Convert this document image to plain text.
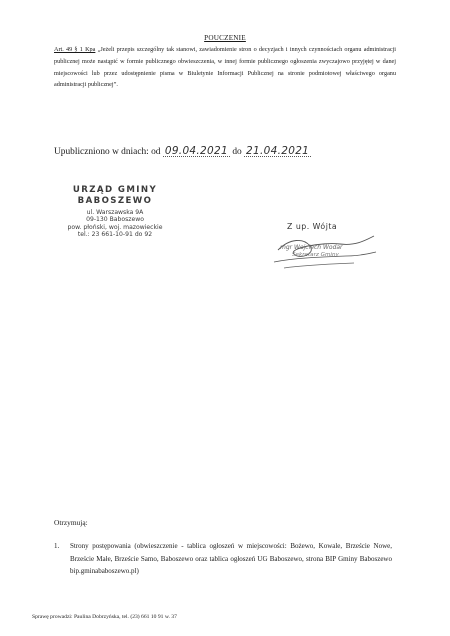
POUCZENIE
Art. 49 § 1 Kpa „Jeżeli przepis szczególny tak stanowi, zawiadomienie stron o decyzjach i innych czynnościach organu administracji publicznej może nastąpić w formie publicznego obwieszczenia, w innej formie publicznego ogłoszenia zwyczajowo przyjętej w danej miejscowości lub przez udostępnienie pisma w Biuletynie Informacji Publicznej na stronie podmiotowej właściwego organu administracji publicznej”.
Upubliczniono w dniach: od 09.04.2021 do 21.04.2021
URZĄD GMINY
BABOSZEWO
ul. Warszawska 9A
09-130 Baboszewo
pow. płoński, woj. mazowieckie
tel.: 23 661-10-91 do 92
Z up. Wójta
mgr Wojciech Wodar
Sekretarz Gminy
Otrzymują:
1. Strony postępowania (obwieszczenie - tablica ogłoszeń w miejscowości: Bożewo, Kowale, Brzeście Nowe, Brzeście Małe, Brzeście Samo, Baboszewo oraz tablica ogłoszeń UG Baboszewo, strona BIP Gminy Baboszewo bip.gminababoszewo.pl)
Sprawę prowadzi: Paulina Dobrzyńska, tel. (23) 661 10 91 w. 37
